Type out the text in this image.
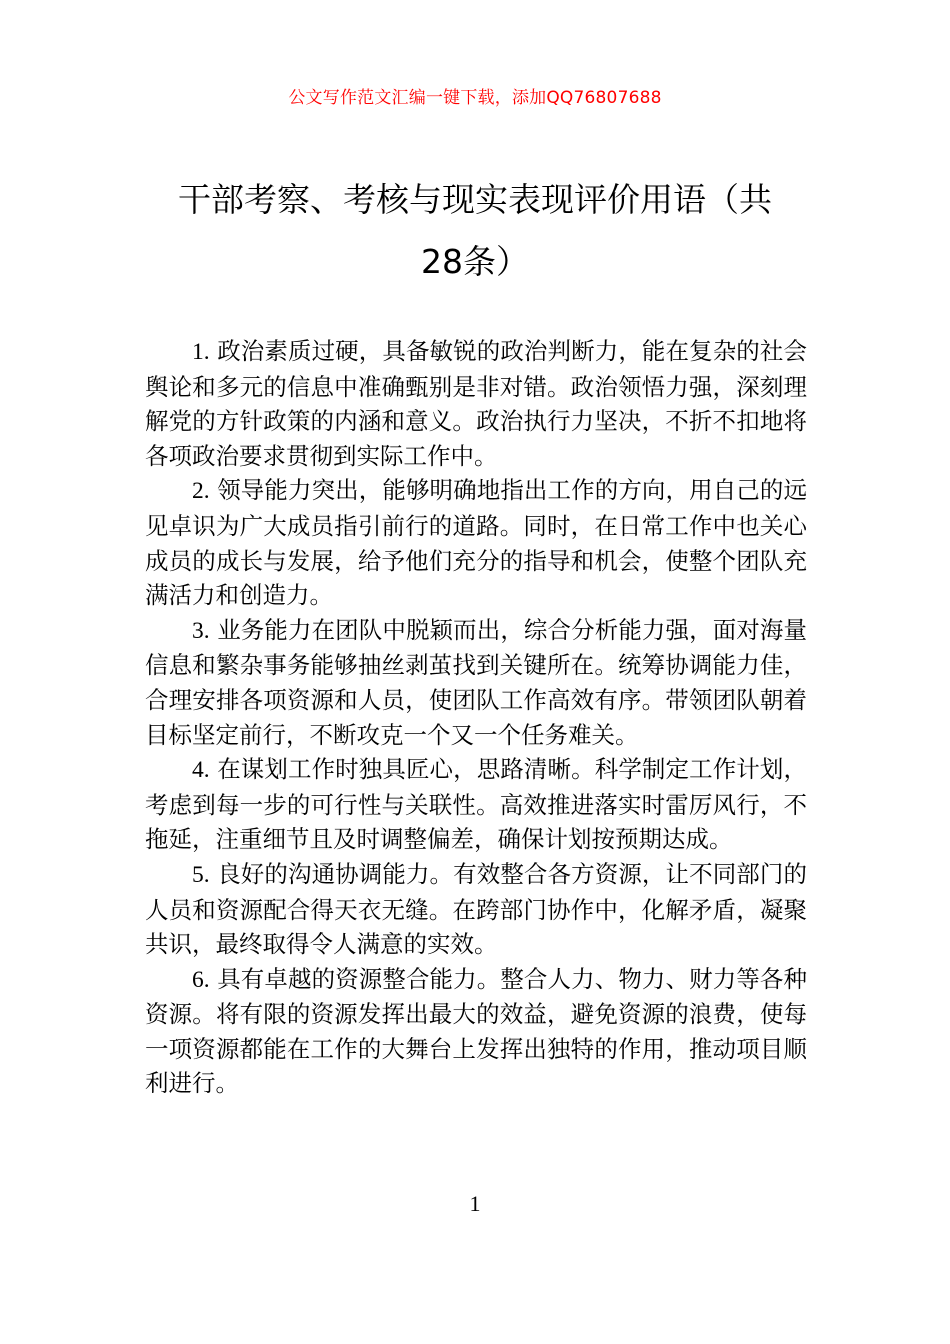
公文写作范文汇编一键下载，添加QQ76807688
干部考察、考核与现实表现评价用语（共
28条）

1. 政治素质过硬，具备敏锐的政治判断力，能在复杂的社会舆论和多元的信息中准确甄别是非对错。政治领悟力强，深刻理解党的方针政策的内涵和意义。政治执行力坚决，不折不扣地将各项政治要求贯彻到实际工作中。

2. 领导能力突出，能够明确地指出工作的方向，用自己的远见卓识为广大成员指引前行的道路。同时，在日常工作中也关心成员的成长与发展，给予他们充分的指导和机会，使整个团队充满活力和创造力。

3. 业务能力在团队中脱颖而出，综合分析能力强，面对海量信息和繁杂事务能够抽丝剥茧找到关键所在。统筹协调能力佳，合理安排各项资源和人员，使团队工作高效有序。带领团队朝着目标坚定前行，不断攻克一个又一个任务难关。

4. 在谋划工作时独具匠心，思路清晰。科学制定工作计划，考虑到每一步的可行性与关联性。高效推进落实时雷厉风行，不拖延，注重细节且及时调整偏差，确保计划按预期达成。

5. 良好的沟通协调能力。有效整合各方资源，让不同部门的人员和资源配合得天衣无缝。在跨部门协作中，化解矛盾，凝聚共识，最终取得令人满意的实效。

6. 具有卓越的资源整合能力。整合人力、物力、财力等各种资源。将有限的资源发挥出最大的效益，避免资源的浪费，使每一项资源都能在工作的大舞台上发挥出独特的作用，推动项目顺利进行。

1
